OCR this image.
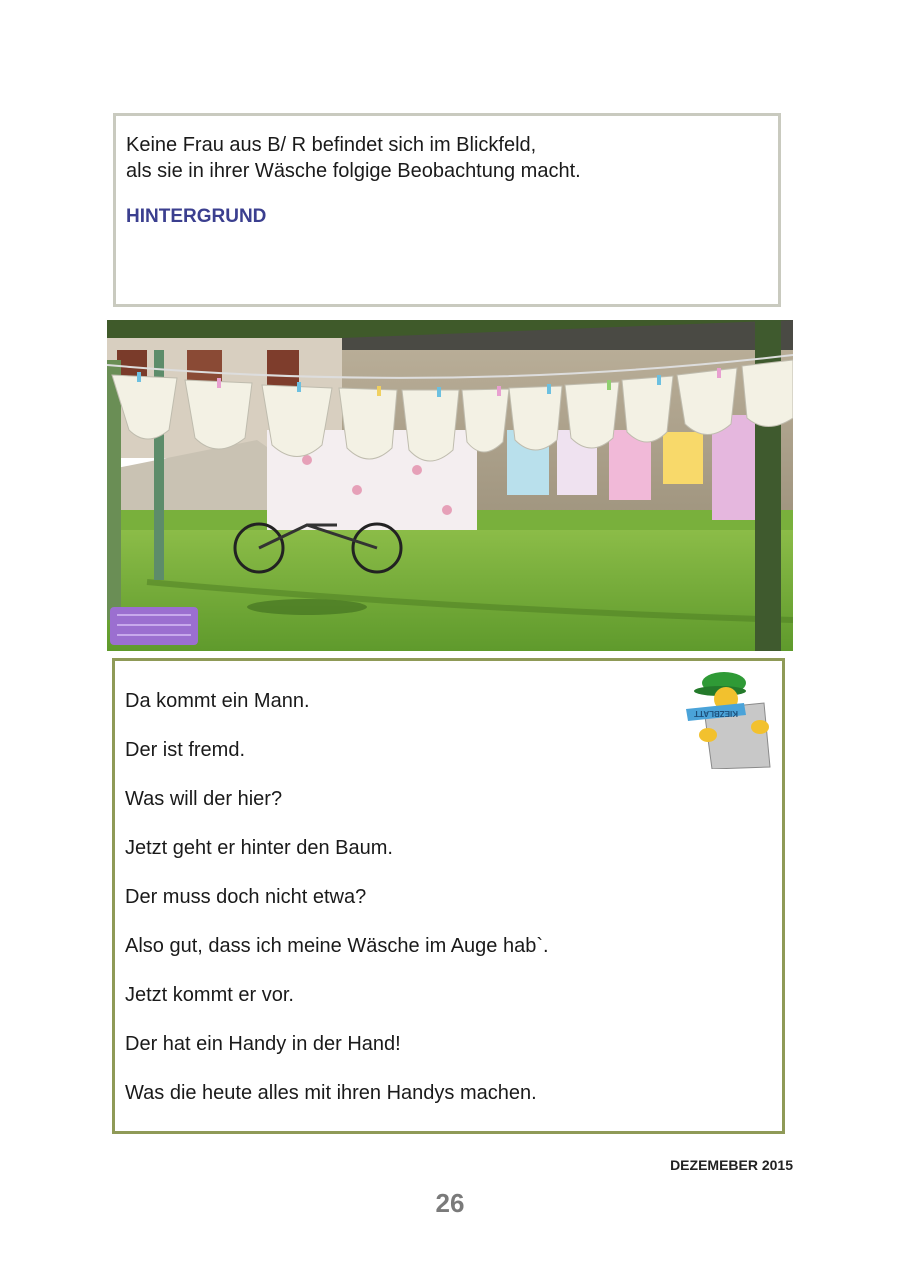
Keine Frau aus B/ R befindet sich im Blickfeld,

als sie in ihrer Wäsche folgige Beobachtung macht.

HINTERGRUND

Da kommt ein Mann.

Der ist fremd.

Was will der hier?

Jetzt geht er hinter den Baum.

Der muss doch nicht etwa?

Also gut, dass ich meine Wäsche im Auge hab`.

Jetzt kommt er vor.

Der hat ein Handy in der Hand!

Was die heute alles mit ihren Handys machen.

KIEZBLATT
DEZEMEBER 2015
26
